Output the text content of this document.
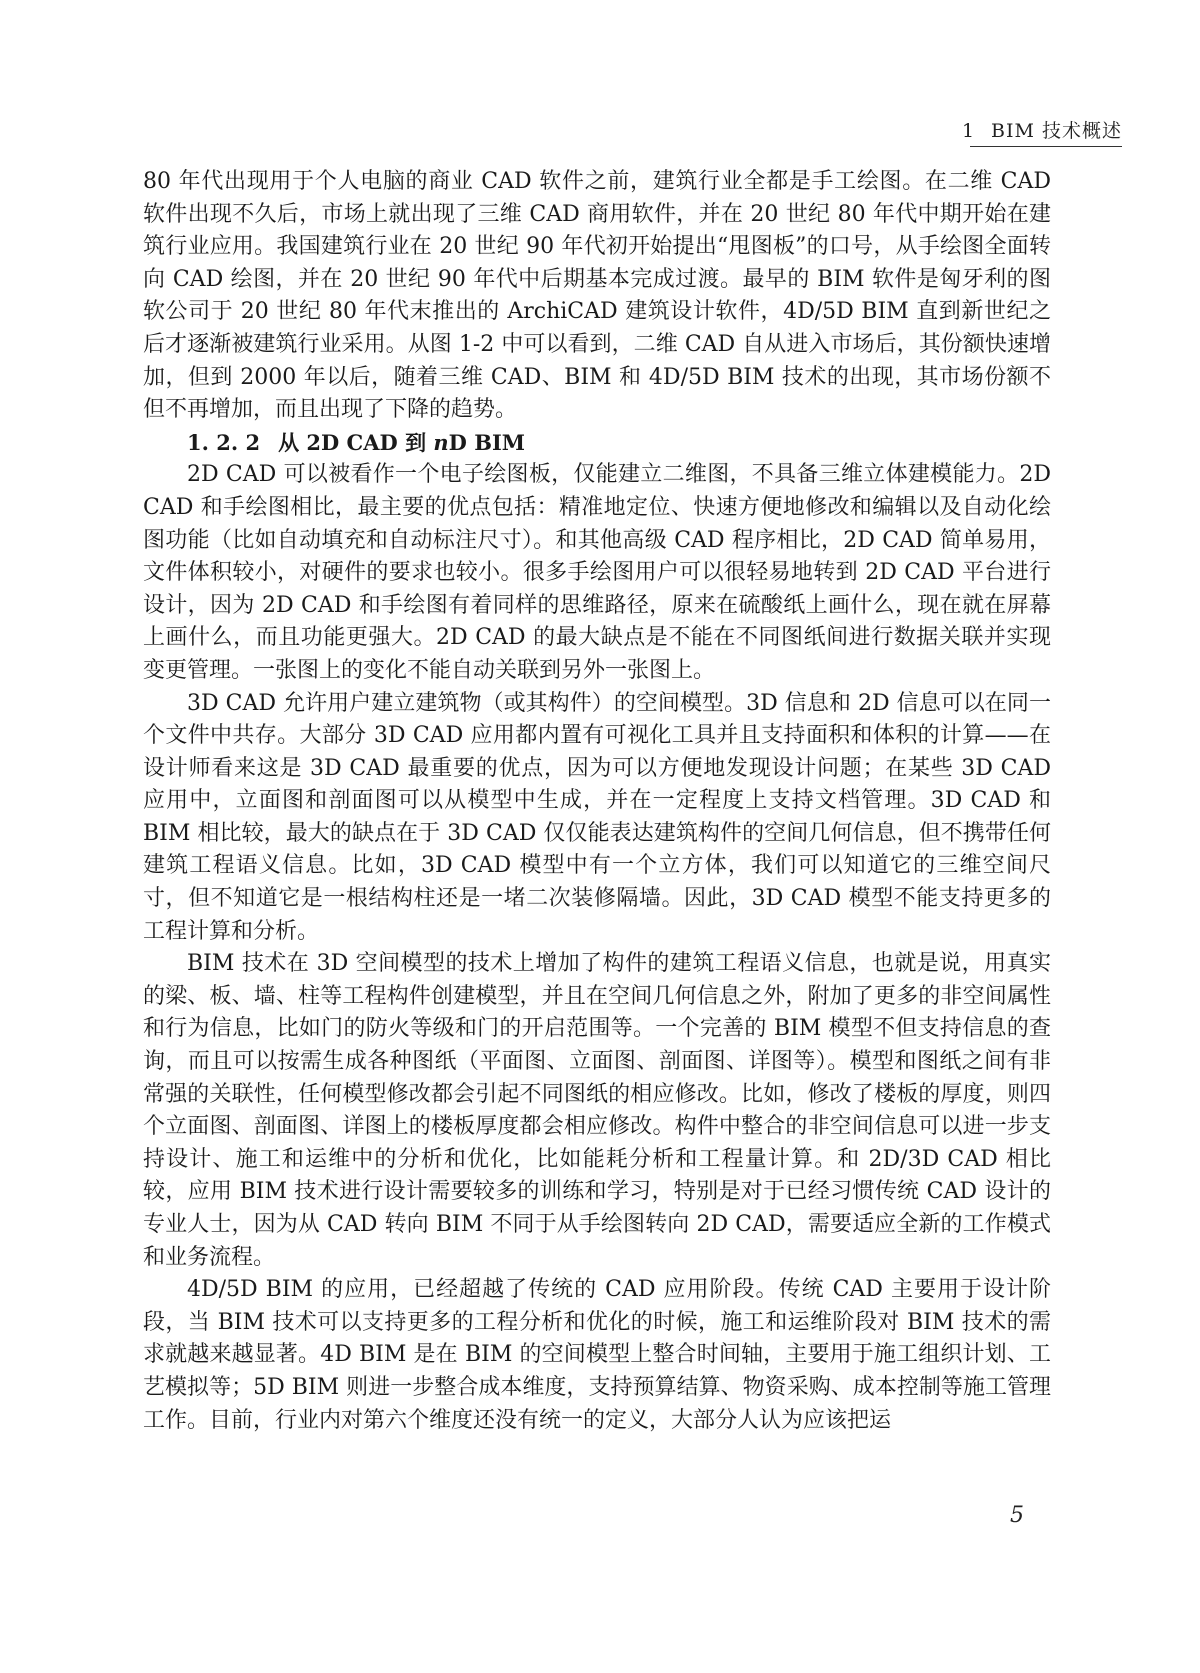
1 BIM 技术概述

80 年代出现用于个人电脑的商业 CAD 软件之前，建筑行业全都是手工绘图。在二维 CAD 软件出现不久后，市场上就出现了三维 CAD 商用软件，并在 20 世纪 80 年代中期开始在建筑行业应用。我国建筑行业在 20 世纪 90 年代初开始提出“甩图板”的口号，从手绘图全面转向 CAD 绘图，并在 20 世纪 90 年代中后期基本完成过渡。最早的 BIM 软件是匈牙利的图软公司于 20 世纪 80 年代末推出的 ArchiCAD 建筑设计软件，4D/5D BIM 直到新世纪之后才逐渐被建筑行业采用。从图 1-2 中可以看到，二维 CAD 自从进入市场后，其份额快速增加，但到 2000 年以后，随着三维 CAD、BIM 和 4D/5D BIM 技术的出现，其市场份额不但不再增加，而且出现了下降的趋势。

1. 2. 2 从 2D CAD 到 nD BIM

2D CAD 可以被看作一个电子绘图板，仅能建立二维图，不具备三维立体建模能力。2D CAD 和手绘图相比，最主要的优点包括：精准地定位、快速方便地修改和编辑以及自动化绘图功能（比如自动填充和自动标注尺寸）。和其他高级 CAD 程序相比，2D CAD 简单易用，文件体积较小，对硬件的要求也较小。很多手绘图用户可以很轻易地转到 2D CAD 平台进行设计，因为 2D CAD 和手绘图有着同样的思维路径，原来在硫酸纸上画什么，现在就在屏幕上画什么，而且功能更强大。2D CAD 的最大缺点是不能在不同图纸间进行数据关联并实现变更管理。一张图上的变化不能自动关联到另外一张图上。

3D CAD 允许用户建立建筑物（或其构件）的空间模型。3D 信息和 2D 信息可以在同一个文件中共存。大部分 3D CAD 应用都内置有可视化工具并且支持面积和体积的计算——在设计师看来这是 3D CAD 最重要的优点，因为可以方便地发现设计问题；在某些 3D CAD 应用中，立面图和剖面图可以从模型中生成，并在一定程度上支持文档管理。3D CAD 和 BIM 相比较，最大的缺点在于 3D CAD 仅仅能表达建筑构件的空间几何信息，但不携带任何建筑工程语义信息。比如，3D CAD 模型中有一个立方体，我们可以知道它的三维空间尺寸，但不知道它是一根结构柱还是一堵二次装修隔墙。因此，3D CAD 模型不能支持更多的工程计算和分析。

BIM 技术在 3D 空间模型的技术上增加了构件的建筑工程语义信息，也就是说，用真实的梁、板、墙、柱等工程构件创建模型，并且在空间几何信息之外，附加了更多的非空间属性和行为信息，比如门的防火等级和门的开启范围等。一个完善的 BIM 模型不但支持信息的查询，而且可以按需生成各种图纸（平面图、立面图、剖面图、详图等）。模型和图纸之间有非常强的关联性，任何模型修改都会引起不同图纸的相应修改。比如，修改了楼板的厚度，则四个立面图、剖面图、详图上的楼板厚度都会相应修改。构件中整合的非空间信息可以进一步支持设计、施工和运维中的分析和优化，比如能耗分析和工程量计算。和 2D/3D CAD 相比较，应用 BIM 技术进行设计需要较多的训练和学习，特别是对于已经习惯传统 CAD 设计的专业人士，因为从 CAD 转向 BIM 不同于从手绘图转向 2D CAD，需要适应全新的工作模式和业务流程。

4D/5D BIM 的应用，已经超越了传统的 CAD 应用阶段。传统 CAD 主要用于设计阶段，当 BIM 技术可以支持更多的工程分析和优化的时候，施工和运维阶段对 BIM 技术的需求就越来越显著。4D BIM 是在 BIM 的空间模型上整合时间轴，主要用于施工组织计划、工艺模拟等；5D BIM 则进一步整合成本维度，支持预算结算、物资采购、成本控制等施工管理工作。目前，行业内对第六个维度还没有统一的定义，大部分人认为应该把运

5
